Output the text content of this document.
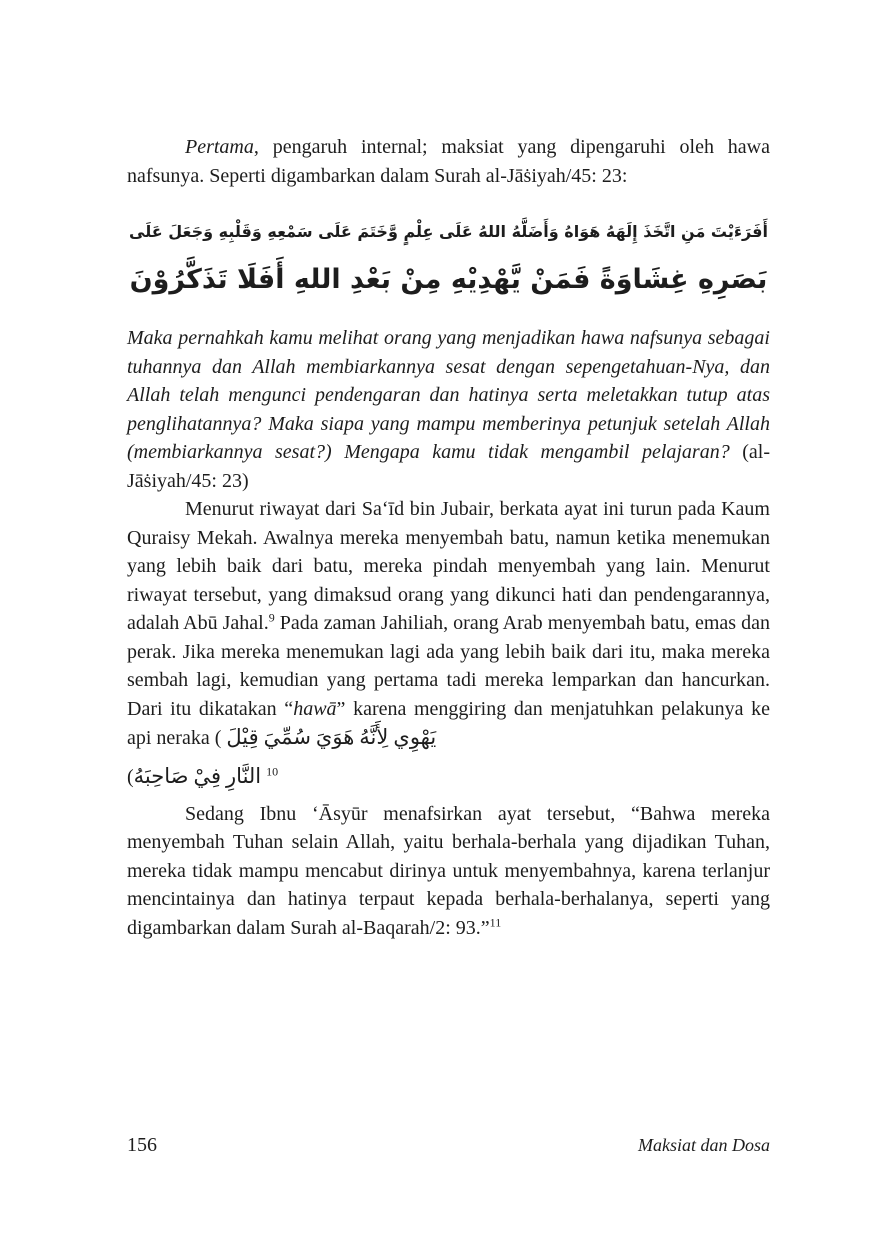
Pertama, pengaruh internal; maksiat yang dipengaruhi oleh hawa nafsunya. Seperti digambarkan dalam Surah al-Jāṡiyah/45: 23:

أَفَرَءَيْتَ مَنِ اتَّخَذَ إِلَهَهُ هَوَاهُ وَأَضَلَّهُ اللهُ عَلَى عِلْمٍ وَّخَتَمَ عَلَى سَمْعِهِ وَقَلْبِهِ وَجَعَلَ عَلَى
بَصَرِهِ غِشَاوَةً فَمَنْ يَّهْدِيْهِ مِنْ بَعْدِ اللهِ أَفَلَا تَذَكَّرُوْنَ

Maka pernahkah kamu melihat orang yang menjadikan hawa nafsunya sebagai tuhannya dan Allah membiarkannya sesat dengan sepengetahuan-Nya, dan Allah telah mengunci pendengaran dan hatinya serta meletakkan tutup atas penglihatannya? Maka siapa yang mampu memberinya petunjuk setelah Allah (membiarkannya sesat?) Mengapa kamu tidak mengambil pelajaran? (al-Jāṡiyah/45: 23)

Menurut riwayat dari Sa‘īd bin Jubair, berkata ayat ini turun pada Kaum Quraisy Mekah. Awalnya mereka menyembah batu, namun ketika menemukan yang lebih baik dari batu, mereka pindah menyembah yang lain. Menurut riwayat tersebut, yang dimaksud orang yang dikunci hati dan pendengarannya, adalah Abū Jahal.$^9$ Pada zaman Jahiliah, orang Arab menyembah batu, emas dan perak. Jika mereka menemukan lagi ada yang lebih baik dari itu, maka mereka sembah lagi, kemudian yang pertama tadi mereka lemparkan dan hancurkan. Dari itu dikatakan “hawā” karena menggiring dan menjatuhkan pelakunya ke api neraka ( قِيْلَ سُمِّيَ هَوَيَ لِأَنَّهُ يَهْوِي

(صَاحِبَهُ فِيْ النَّارِ $^{10}$

Sedang Ibnu ‘Āsyūr menafsirkan ayat tersebut, “Bahwa mereka menyembah Tuhan selain Allah, yaitu berhala-berhala yang dijadikan Tuhan, mereka tidak mampu mencabut dirinya untuk menyembahnya, karena terlanjur mencintainya dan hatinya terpaut kepada berhala-berhalanya, seperti yang digambarkan dalam Surah al-Baqarah/2: 93.”$^{11}$

156	Maksiat dan Dosa
